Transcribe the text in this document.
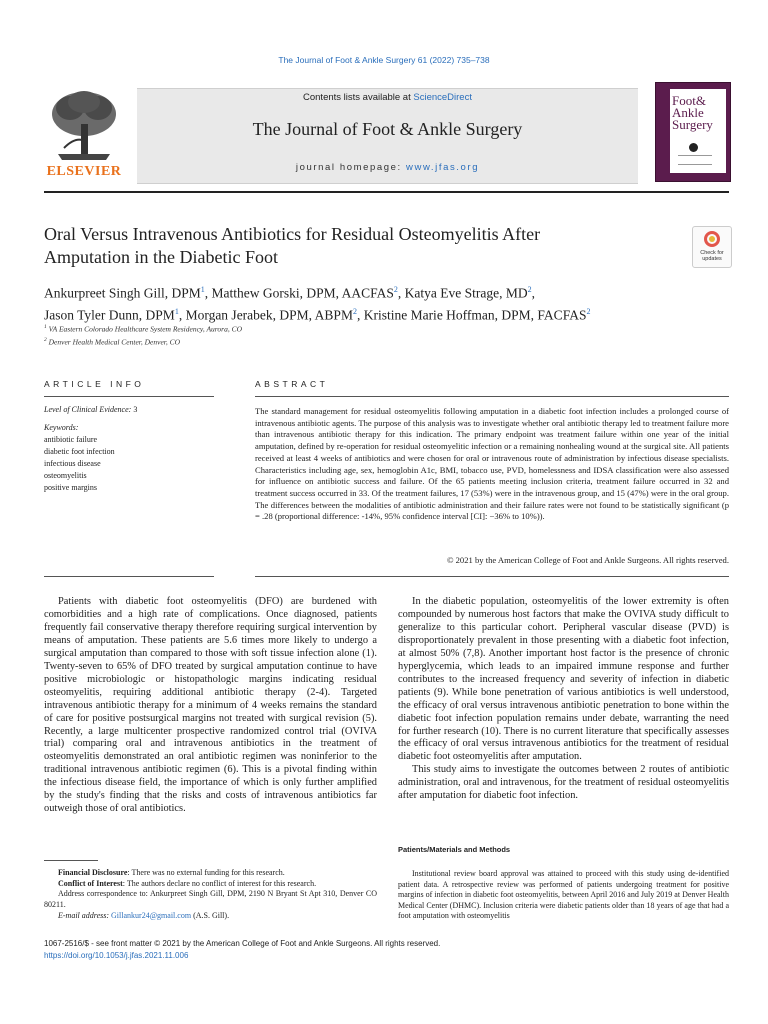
The Journal of Foot & Ankle Surgery 61 (2022) 735–738
ELSEVIER
Contents lists available at ScienceDirect
The Journal of Foot & Ankle Surgery
journal homepage: www.jfas.org
Foot&
Ankle
Surgery
Oral Versus Intravenous Antibiotics for Residual Osteomyelitis After
Amputation in the Diabetic Foot	Check for
updates
Ankurpreet Singh Gill, DPM$^1$, Matthew Gorski, DPM, AACFAS$^2$, Katya Eve Strage, $MD^2$,
Jason Tyler Dunn, DPM$^1$, Morgan Jerabek, DPM, ABPM$^2$, Kristine Marie Hoffman, DPM, FACFAS$^2$
$^1$ VA Eastern Colorado Healthcare System Residency, Aurora, CO
$^2$ Denver Health Medical Center, Denver, CO
ARTICLE INFO	ABSTRACT
Level of Clinical Evidence: 3
Keywords:
antibiotic failure
diabetic foot infection
infectious disease
osteomyelitis
positive margins

The standard management for residual osteomyelitis following amputation in a diabetic foot infection includes a prolonged course of intravenous antibiotic agents. The purpose of this analysis was to investigate whether oral antibiotic therapy led to treatment failure more than intravenous antibiotic therapy for this indication. The primary endpoint was treatment failure within one year of the initial amputation, defined by re-operation for residual osteomyelitic infection or a remaining nonhealing wound at the surgical site. All patients received at least 4 weeks of antibiotics and were chosen for oral or intravenous route of administration by infectious disease specialists. Characteristics including age, sex, hemoglobin A1c, BMI, tobacco use, PVD, homelessness and IDSA classification were also assessed for influence on antibiotic success and failure. Of the 65 patients meeting inclusion criteria, treatment failure occurred in 32 and treatment success occurred in 33. Of the treatment failures, 17 (53%) were in the intravenous group, and 15 (47%) were in the oral group. The differences between the modalities of antibiotic administration and their failure rates were not found to be statistically significant (p = .28 (proportional difference: -14%, 95% confidence interval [CI]: −36% to 10%)).

© 2021 by the American College of Foot and Ankle Surgeons. All rights reserved.

Patients with diabetic foot osteomyelitis (DFO) are burdened with comorbidities and a high rate of complications. Once diagnosed, patients frequently fail conservative therapy therefore requiring surgical intervention by means of amputation. These patients are 5.6 times more likely to undergo a surgical amputation than compared to those with soft tissue infection alone (1). Twenty-seven to 65% of DFO treated by surgical amputation continue to have positive microbiologic or histopathologic margins indicating residual osteomyelitis, requiring additional antibiotic therapy (2-4). Targeted intravenous antibiotic therapy for a minimum of 4 weeks remains the standard of care for positive postsurgical margins not treated with surgical revision (5). Recently, a large multicenter prospective randomized control trial (OVIVA trial) comparing oral and intravenous antibiotics in the treatment of osteomyelitis demonstrated an oral antibiotic regimen was noninferior to the traditional intravenous antibiotic regimen (6). This is a pivotal finding within the infectious disease field, the importance of which is only further amplified by the study's finding that the risks and costs of intravenous antibiotics far outweigh those of oral antibiotics.

In the diabetic population, osteomyelitis of the lower extremity is often compounded by numerous host factors that make the OVIVA study difficult to generalize to this particular cohort. Peripheral vascular disease (PVD) is disproportionately prevalent in those presenting with a diabetic foot infection, at almost 50% (7,8). Another important host factor is the presence of chronic hyperglycemia, which leads to an impaired immune response and further contributes to the increased frequency and severity of infection in diabetic patients (9). While bone penetration of various antibiotics is well understood, the efficacy of oral versus intravenous antibiotic penetration to bone within the diabetic foot infection population remains under debate, warranting the need for further research (10). There is no current literature that specifically assesses the efficacy of oral versus intravenous antibiotics for the treatment of residual diabetic foot osteomyelitis after amputation.

This study aims to investigate the outcomes between 2 routes of antibiotic administration, oral and intravenous, for the treatment of residual osteomyelitis after amputation for diabetic foot infection.

Patients/Materials and Methods

Institutional review board approval was attained to proceed with this study using de-identified patient data. A retrospective review was performed of patients undergoing treatment for positive margins of infection in diabetic foot osteomyelitis, between April 2016 and July 2019 at Denver Health Medical Center (DHMC). Inclusion criteria were diabetic patients older than 18 years of age that had a foot amputation with osteomyelitis

Financial Disclosure: There was no external funding for this research.

Conflict of Interest: The authors declare no conflict of interest for this research.

Address correspondence to: Ankurpreet Singh Gill, DPM, 2190 N Bryant St Apt 310, Denver CO 80211.

E-mail address: Gillankur24@gmail.com (A.S. Gill).

1067-2516/$ - see front matter © 2021 by the American College of Foot and Ankle Surgeons. All rights reserved.
https://doi.org/10.1053/j.jfas.2021.11.006
